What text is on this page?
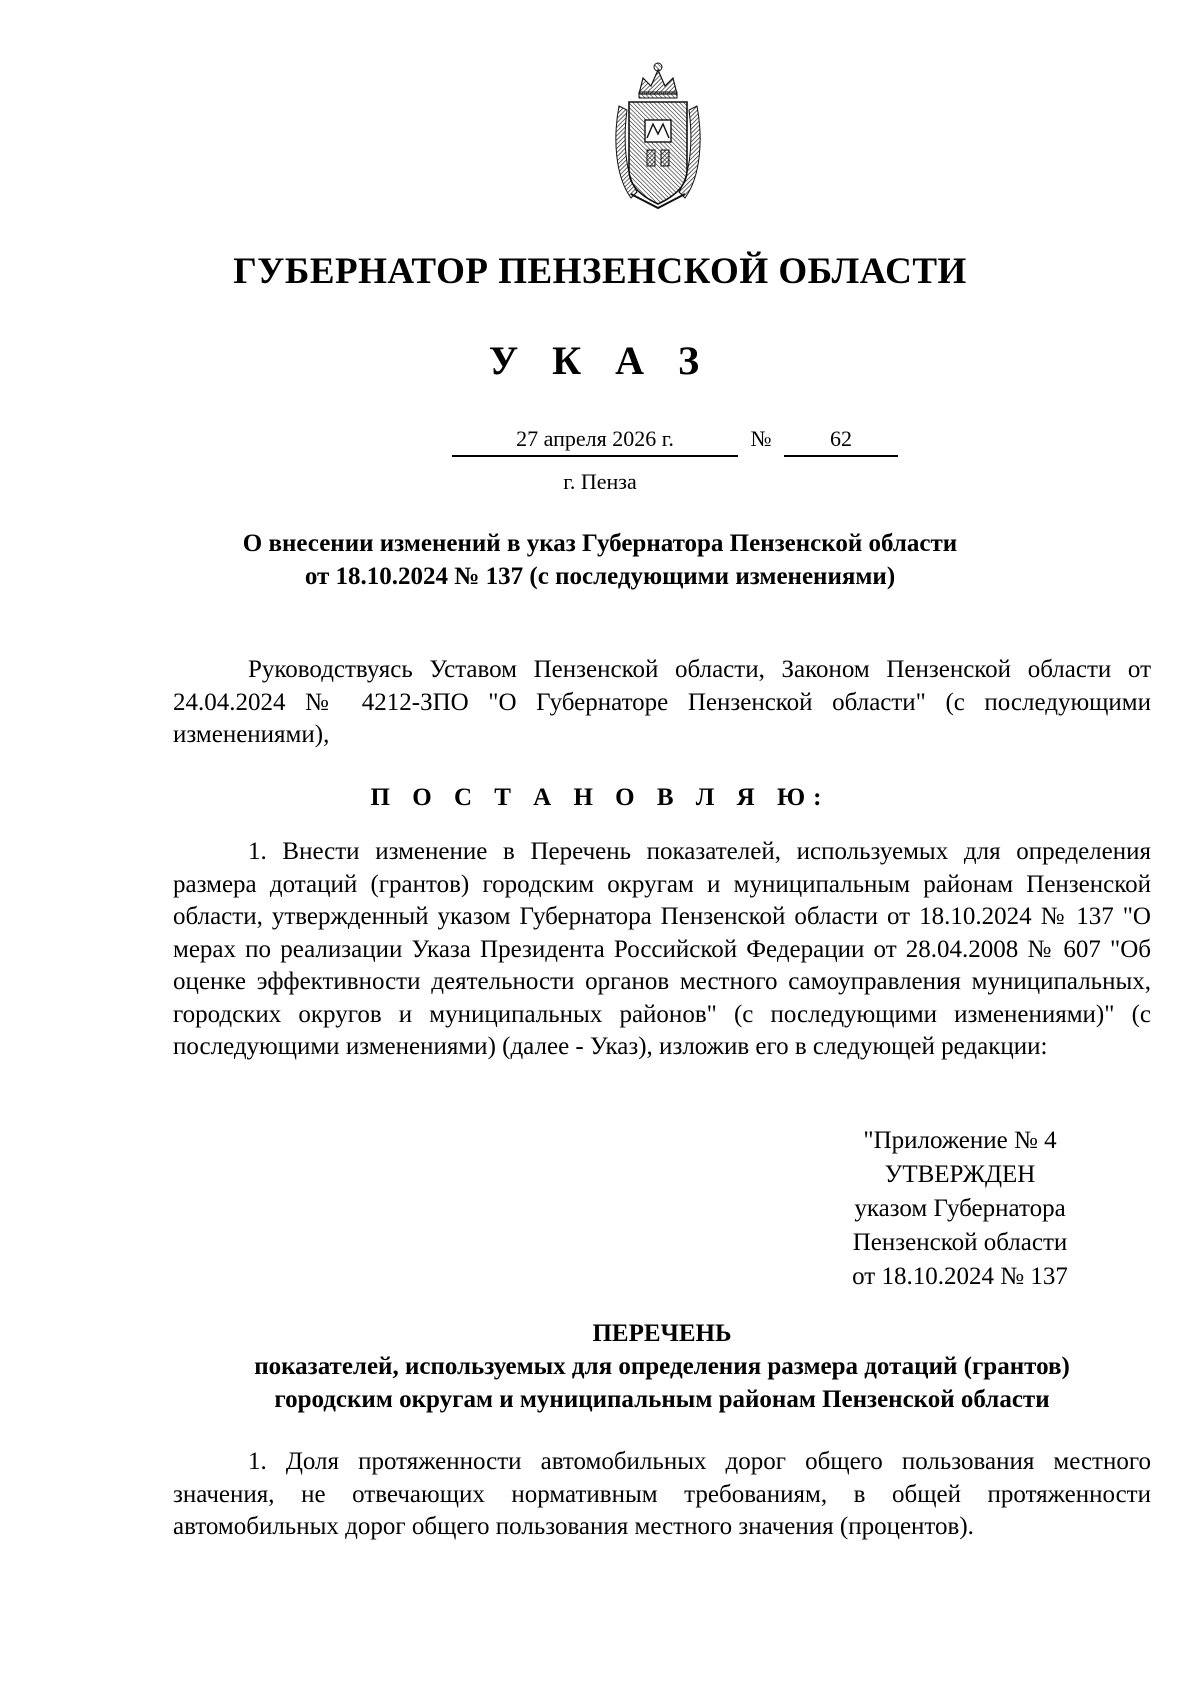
ГУБЕРНАТОР ПЕНЗЕНСКОЙ ОБЛАСТИ
У К А З
27 апреля 2026 г.	№	62
г. Пенза
О внесении изменений в указ Губернатора Пензенской области
от 18.10.2024 № 137 (с последующими изменениями)

Руководствуясь Уставом Пензенской области, Законом Пензенской области от 24.04.2024 № 4212-ЗПО "О Губернаторе Пензенской области" (с последующими изменениями),

П О С Т А Н О В Л Я Ю:

1. Внести изменение в Перечень показателей, используемых для определения размера дотаций (грантов) городским округам и муниципальным районам Пензенской области, утвержденный указом Губернатора Пензенской области от 18.10.2024 № 137 "О мерах по реализации Указа Президента Российской Федерации от 28.04.2008 № 607 "Об оценке эффективности деятельности органов местного самоуправления муниципальных, городских округов и муниципальных районов" (с последующими изменениями)" (с последующими изменениями) (далее - Указ), изложив его в следующей редакции:

"Приложение № 4
УТВЕРЖДЕН
указом Губернатора
Пензенской области
от 18.10.2024 № 137
ПЕРЕЧЕНЬ
показателей, используемых для определения размера дотаций (грантов)
городским округам и муниципальным районам Пензенской области

1. Доля протяженности автомобильных дорог общего пользования местного значения, не отвечающих нормативным требованиям, в общей протяженности автомобильных дорог общего пользования местного значения (процентов).
